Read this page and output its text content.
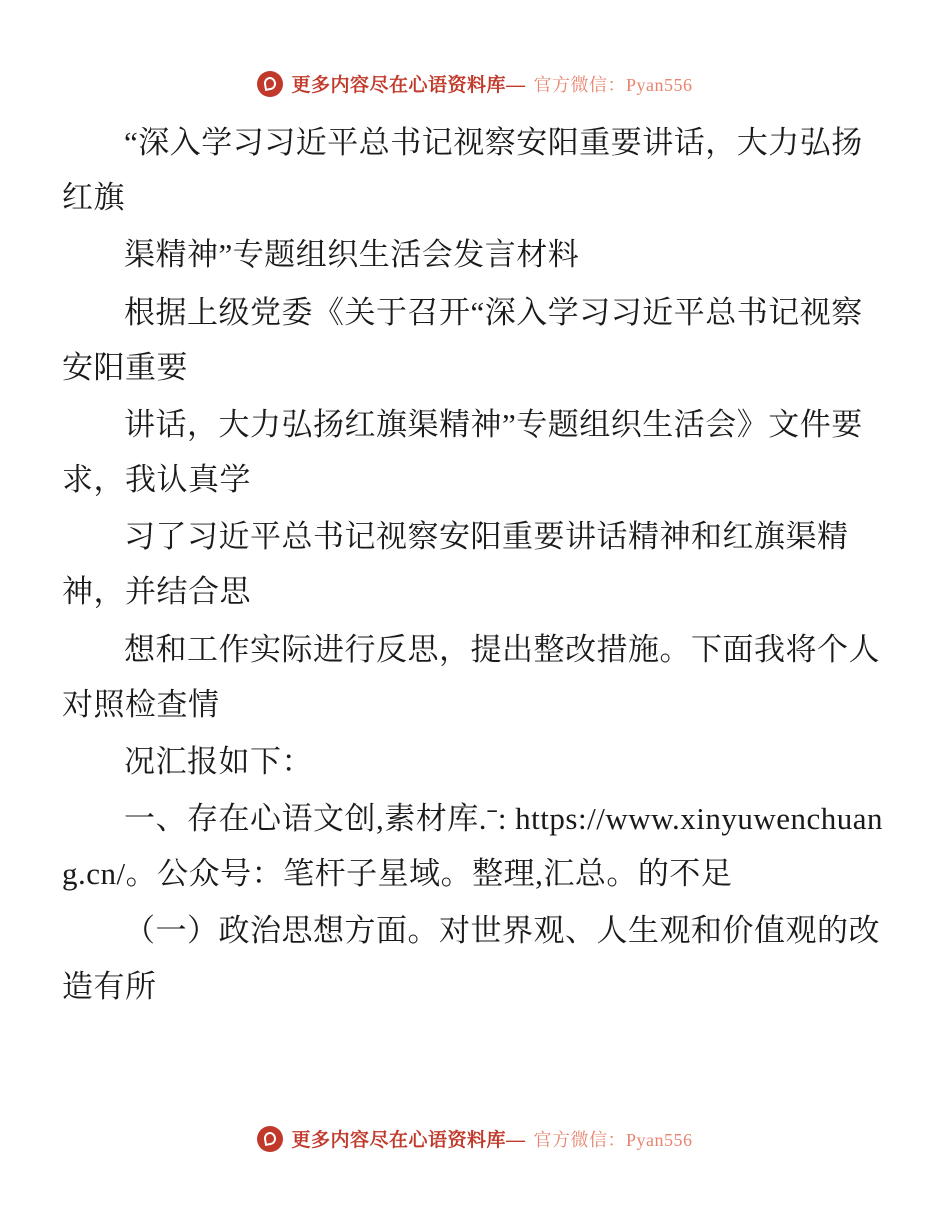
更多内容尽在心语资料库— 官方微信：Pyan556

“深入学习习近平总书记视察安阳重要讲话，大力弘扬红旗

渠精神”专题组织生活会发言材料

根据上级党委《关于召开“深入学习习近平总书记视察安阳重要

讲话，大力弘扬红旗渠精神”专题组织生活会》文件要求，我认真学

习了习近平总书记视察安阳重要讲话精神和红旗渠精神，并结合思

想和工作实际进行反思，提出整改措施。下面我将个人对照检查情

况汇报如下：

一、存在心语文创,素材库.ˉ: https://www.xinyuwenchuang.cn/。公众号：笔杆子星域。整理,汇总。的不足

（一）政治思想方面。对世界观、人生观和价值观的改造有所

更多内容尽在心语资料库— 官方微信：Pyan556
